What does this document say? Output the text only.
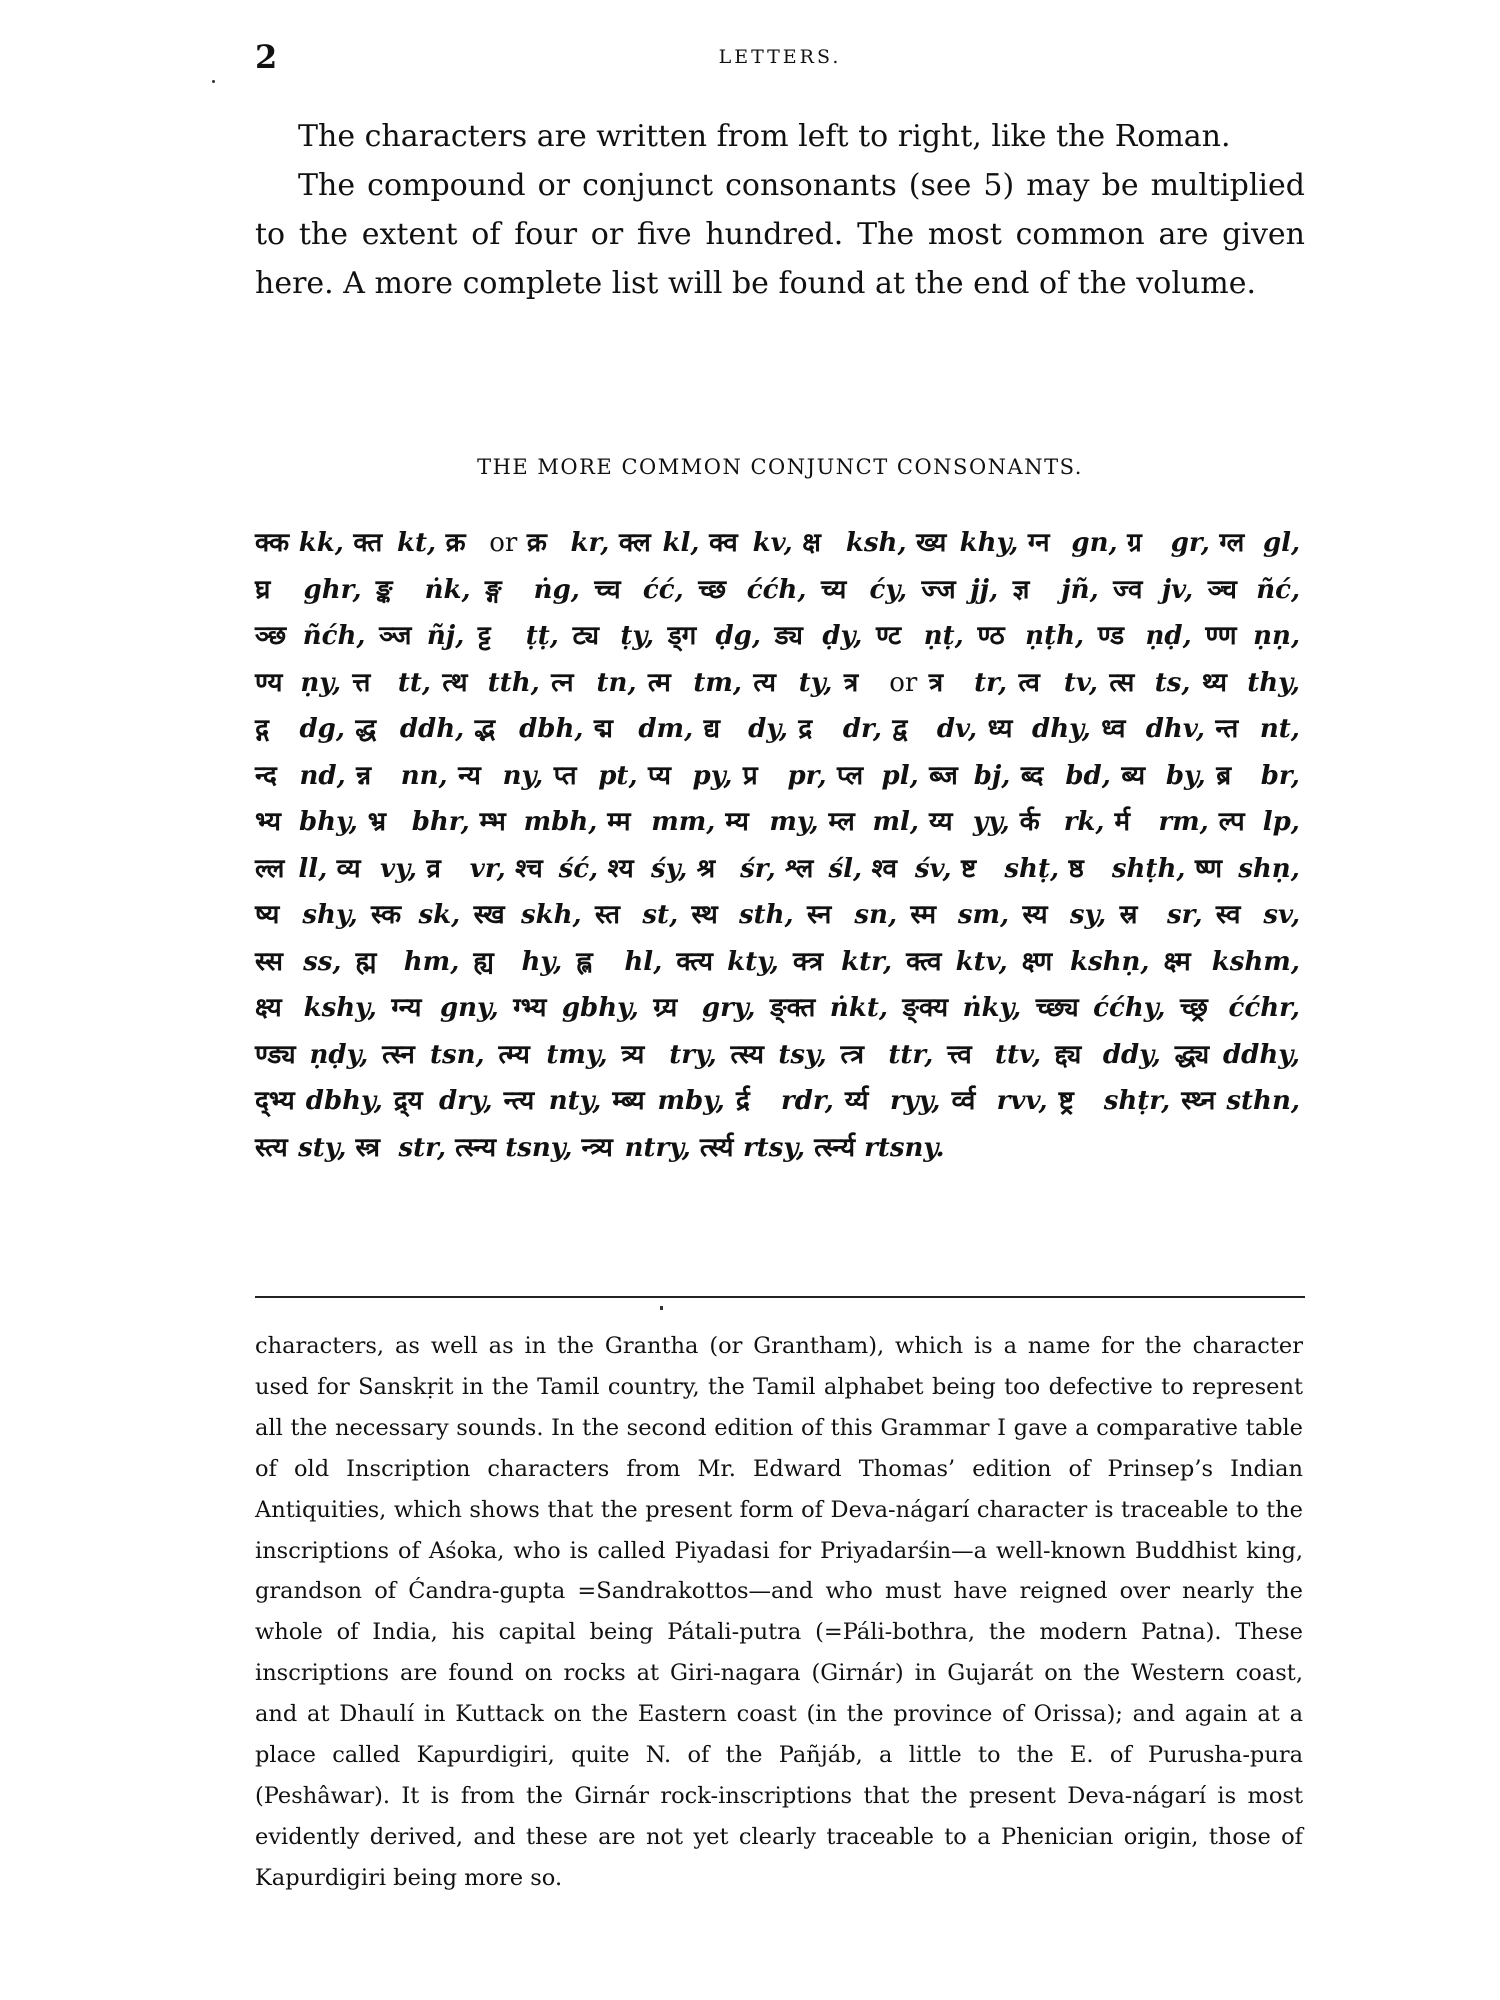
2	LETTERS.

The characters are written from left to right, like the Roman.

The compound or conjunct consonants (see 5) may be multiplied to the extent of four or five hundred. The most common are given here. A more complete list will be found at the end of the volume.

THE MORE COMMON CONJUNCT CONSONANTS.
क्क kk, क्त kt, क्र or क्र kr, क्ल kl, क्व kv, क्ष ksh, ख्य khy, ग्न gn, ग्र gr, ग्ल gl, घ्र ghr, ङ्क ṅk, ङ्ग ṅg, च्च ćć, च्छ ććh, च्य ćy, ज्ज jj, ज्ञ jñ, ज्व jv, ञ्च ñć, ञ्छ ñćh, ञ्ज ñj, ट्ट ṭṭ, ट्य ṭy, ड्ग ḍg, ड्य ḍy, ण्ट ṇṭ, ण्ठ ṇṭh, ण्ड ṇḍ, ण्ण ṇṇ, ण्य ṇy, त्त tt, त्थ tth, त्न tn, त्म tm, त्य ty, त्र or त्र tr, त्व tv, त्स ts, थ्य thy, द्ग dg, द्ध ddh, द्भ dbh, द्म dm, द्य dy, द्र dr, द्व dv, ध्य dhy, ध्व dhv, न्त nt, न्द nd, न्न nn, न्य ny, प्त pt, प्य py, प्र pr, प्ल pl, ब्ज bj, ब्द bd, ब्य by, ब्र br, भ्य bhy, भ्र bhr, म्भ mbh, म्म mm, म्य my, म्ल ml, य्य yy, र्क rk, र्म rm, ल्प lp, ल्ल ll, व्य vy, व्र vr, श्च ść, श्य śy, श्र śr, श्ल śl, श्व śv, ष्ट shṭ, ष्ठ shṭh, ष्ण shṇ, ष्य shy, स्क sk, स्ख skh, स्त st, स्थ sth, स्न sn, स्म sm, स्य sy, स्र sr, स्व sv, स्स ss, ह्म hm, ह्य hy, ह्ल hl, क्त्य kty, क्त्र ktr, क्त्व ktv, क्ष्ण kshṇ, क्ष्म kshm, क्ष्य kshy, ग्न्य gny, ग्भ्य gbhy, ग्र्य gry, ङ्क्त ṅkt, ङ्क्य ṅky, च्छ्य ććhy, च्छ्र ććhr, ण्ड्य ṇḍy, त्स्न tsn, त्म्य tmy, त्र्य try, त्स्य tsy, त्त्र ttr, त्त्व ttv, द्द्य ddy, द्ध्य ddhy, द्भ्य dbhy, द्र्य dry, न्त्य nty, म्ब्य mby, र्द्र rdr, र्य्य ryy, र्व्व rvv, ष्ट्र shṭr, स्थ्न sthn, स्त्य sty, स्त्र str, त्स्न्य tsny, न्त्र्य ntry, र्त्स्य rtsy, र्त्स्न्य rtsny.

characters, as well as in the Grantha (or Grantham), which is a name for the character used for Sanskṛit in the Tamil country, the Tamil alphabet being too defective to represent all the necessary sounds. In the second edition of this Grammar I gave a comparative table of old Inscription characters from Mr. Edward Thomas’ edition of Prinsep’s Indian Antiquities, which shows that the present form of Deva-nágarí character is traceable to the inscriptions of Aśoka, who is called Piyadasi for Priyadarśin—a well-known Buddhist king, grandson of Ćandra-gupta =Sandrakottos—and who must have reigned over nearly the whole of India, his capital being Pátali-putra (=Páli-bothra, the modern Patna). These inscriptions are found on rocks at Giri-nagara (Girnár) in Gujarát on the Western coast, and at Dhaulí in Kuttack on the Eastern coast (in the province of Orissa); and again at a place called Kapurdigiri, quite N. of the Pañjáb, a little to the E. of Purusha-pura (Peshâwar). It is from the Girnár rock-inscriptions that the present Deva-nágarí is most evidently derived, and these are not yet clearly traceable to a Phenician origin, those of Kapurdigiri being more so.
